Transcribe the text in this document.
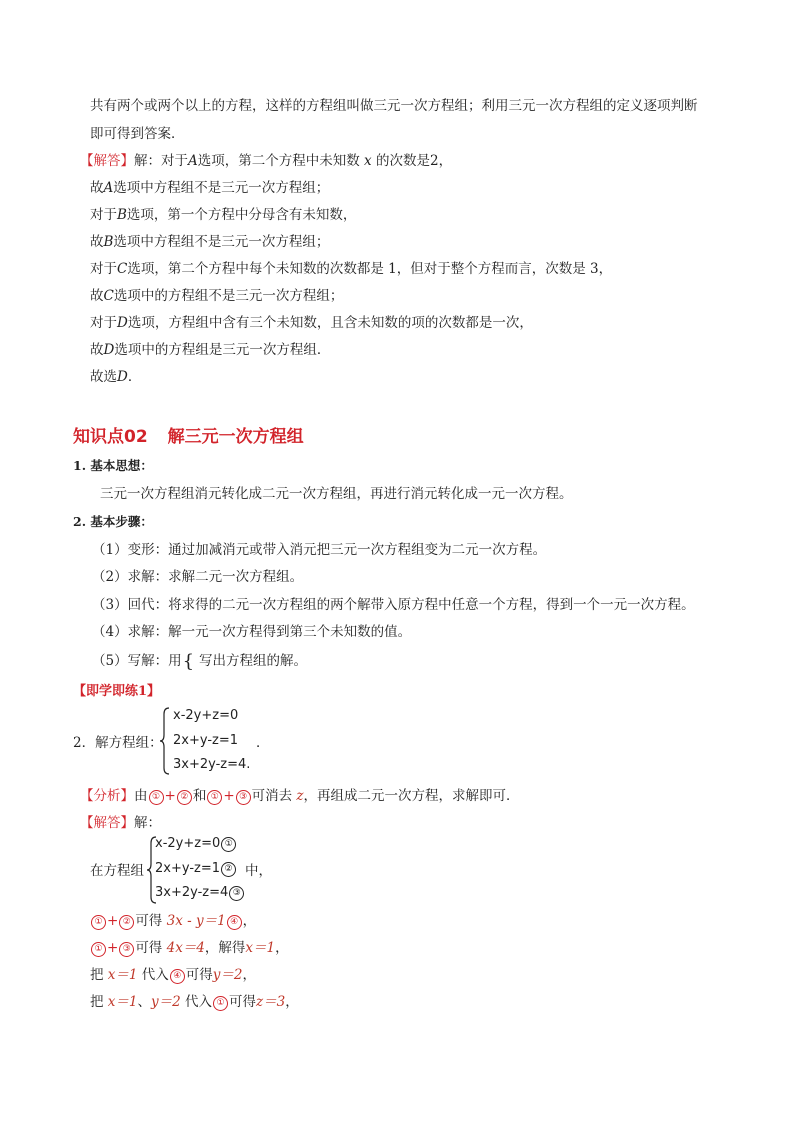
共有两个或两个以上的方程，这样的方程组叫做三元一次方程组；利用三元一次方程组的定义逐项判断
即可得到答案．
【解答】解：对于A选项，第二个方程中未知数 x 的次数是2，
故A选项中方程组不是三元一次方程组；
对于B选项，第一个方程中分母含有未知数，
故B选项中方程组不是三元一次方程组；
对于C选项，第二个方程中每个未知数的次数都是 1，但对于整个方程而言，次数是 3，
故C选项中的方程组不是三元一次方程组；
对于D选项，方程组中含有三个未知数，且含未知数的项的次数都是一次，
故D选项中的方程组是三元一次方程组．
故选D．
知识点02 解三元一次方程组
1. 基本思想：
三元一次方程组消元转化成二元一次方程组，再进行消元转化成一元一次方程。
2. 基本步骤：
（1）变形：通过加减消元或带入消元把三元一次方程组变为二元一次方程。
（2）求解：求解二元一次方程组。
（3）回代：将求得的二元一次方程组的两个解带入原方程中任意一个方程，得到一个一元一次方程。
（4）求解：解一元一次方程得到第三个未知数的值。
（5）写解：用{ 写出方程组的解。
【即学即练1】
2．解方程组：
x-2y+z=0
2x+y-z=1
3x+2y-z=4.
．
【分析】由 ① + ② 和 ① + ③ 可消去 z，再组成二元一次方程，求解即可．
【解答】解：
在方程组
x-2y+z=0 ①
2x+y-z=1 ②
3x+2y-z=4 ③
中，
① + ② 可得 3x - y＝1 ④ ，
① + ③ 可得 4x＝4，解得x＝1，
把 x＝1 代入 ④ 可得y＝2，
把 x＝1、y＝2 代入 ① 可得z＝3，
